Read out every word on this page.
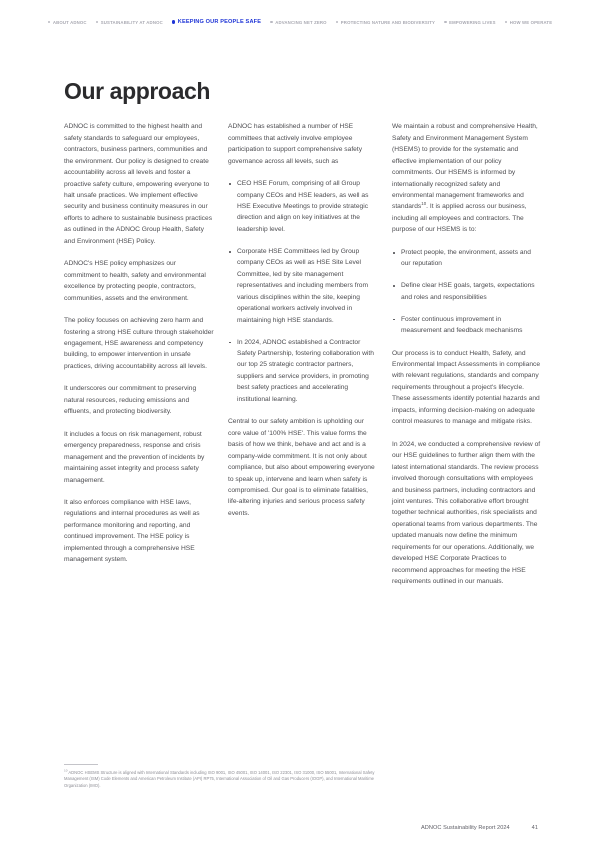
ABOUT ADNOC	SUSTAINABILITY AT ADNOC	KEEPING OUR PEOPLE SAFE	ADVANCING NET ZERO	PROTECTING NATURE AND BIODIVERSITY	EMPOWERING LIVES	HOW WE OPERATE
Our approach

ADNOC is committed to the highest health and safety standards to safeguard our employees, contractors, business partners, communities and the environment. Our policy is designed to create accountability across all levels and foster a proactive safety culture, empowering everyone to halt unsafe practices. We implement effective security and business continuity measures in our efforts to adhere to sustainable business practices as outlined in the ADNOC Group Health, Safety and Environment (HSE) Policy.

ADNOC's HSE policy emphasizes our commitment to health, safety and environmental excellence by protecting people, contractors, communities, assets and the environment.

The policy focuses on achieving zero harm and fostering a strong HSE culture through stakeholder engagement, HSE awareness and competency building, to empower intervention in unsafe practices, driving accountability across all levels.

It underscores our commitment to preserving natural resources, reducing emissions and effluents, and protecting biodiversity.

It includes a focus on risk management, robust emergency preparedness, response and crisis management and the prevention of incidents by maintaining asset integrity and process safety management.

It also enforces compliance with HSE laws, regulations and internal procedures as well as performance monitoring and reporting, and continued improvement. The HSE policy is implemented through a comprehensive HSE management system.

ADNOC has established a number of HSE committees that actively involve employee participation to support comprehensive safety governance across all levels, such as

CEO HSE Forum, comprising of all Group company CEOs and HSE leaders, as well as HSE Executive Meetings to provide strategic direction and align on key initiatives at the leadership level.
Corporate HSE Committees led by Group company CEOs as well as HSE Site Level Committee, led by site management representatives and including members from various disciplines within the site, keeping operational workers actively involved in maintaining high HSE standards.
In 2024, ADNOC established a Contractor Safety Partnership, fostering collaboration with our top 25 strategic contractor partners, suppliers and service providers, in promoting best safety practices and accelerating institutional learning.

Central to our safety ambition is upholding our core value of '100% HSE'. This value forms the basis of how we think, behave and act and is a company-wide commitment. It is not only about compliance, but also about empowering everyone to speak up, intervene and learn when safety is compromised. Our goal is to eliminate fatalities, life-altering injuries and serious process safety events.

We maintain a robust and comprehensive Health, Safety and Environment Management System (HSEMS) to provide for the systematic and effective implementation of our policy commitments. Our HSEMS is informed by internationally recognized safety and environmental management frameworks and standards$^{10}$. It is applied across our business, including all employees and contractors. The purpose of our HSEMS is to:

Protect people, the environment, assets and our reputation
Define clear HSE goals, targets, expectations and roles and responsibilities
Foster continuous improvement in measurement and feedback mechanisms

Our process is to conduct Health, Safety, and Environmental Impact Assessments in compliance with relevant regulations, standards and company requirements throughout a project's lifecycle. These assessments identify potential hazards and impacts, informing decision-making on adequate control measures to manage and mitigate risks.

In 2024, we conducted a comprehensive review of our HSE guidelines to further align them with the latest international standards. The review process involved thorough consultations with employees and business partners, including contractors and joint ventures. This collaborative effort brought together technical authorities, risk specialists and operational teams from various departments. The updated manuals now define the minimum requirements for our operations. Additionally, we developed HSE Corporate Practices to recommend approaches for meeting the HSE requirements outlined in our manuals.

$^{10}$ ADNOC HSEMS Structure is aligned with International Standards including ISO 9001, ISO 45001, ISO 14001, ISO 22301, ISO 31000, ISO 55001, International Safety Management (ISM) Code Elements and American Petroleum Institute (API) RP75, International Association of Oil and Gas Producers (IOGP), and International Maritime Organization (IMO).

ADNOC Sustainability Report 2024	41
